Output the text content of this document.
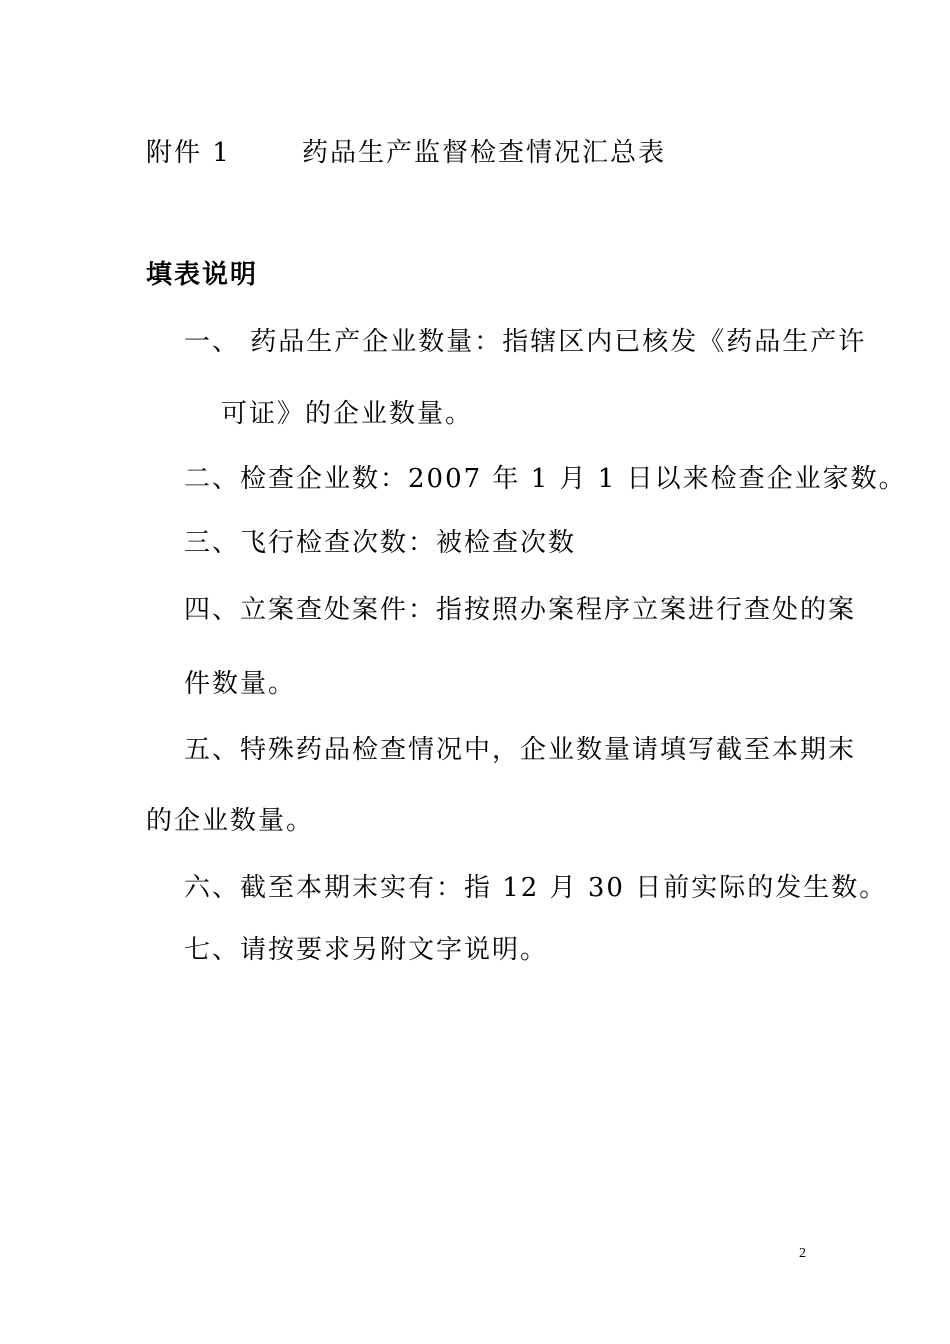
附件 1	药品生产监督检查情况汇总表
填表说明
一、 药品生产企业数量：指辖区内已核发《药品生产许
可证》的企业数量。
二、检查企业数：2007 年 1 月 1 日以来检查企业家数。
三、飞行检查次数：被检查次数
四、立案查处案件：指按照办案程序立案进行查处的案
件数量。
五、特殊药品检查情况中，企业数量请填写截至本期末
的企业数量。
六、截至本期末实有：指 12 月 30 日前实际的发生数。
七、请按要求另附文字说明。
2
